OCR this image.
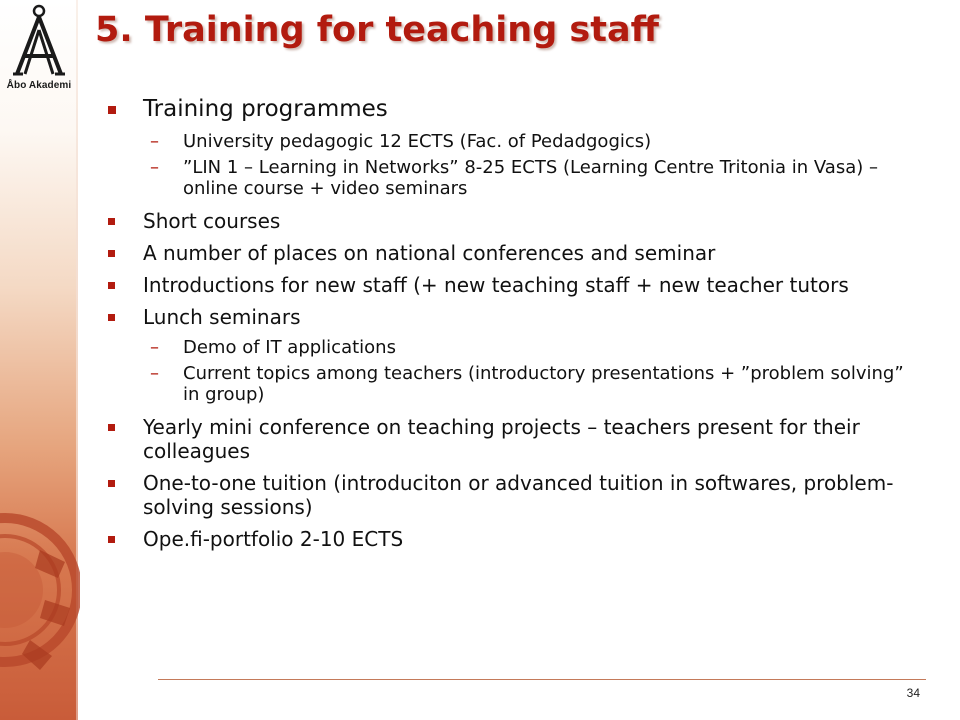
Åbo Akademi
5. Training for teaching staff
Training programmes
– University pedagogic 12 ECTS (Fac. of Pedadgogics)
– ”LIN 1 – Learning in Networks” 8-25 ECTS (Learning Centre Tritonia in Vasa) – online course + video seminars
Short courses
A number of places on national conferences and seminar
Introductions for new staff (+ new teaching staff + new teacher tutors
Lunch seminars
– Demo of IT applications
– Current topics among teachers (introductory presentations + ”problem solving” in group)
Yearly mini conference on teaching projects – teachers present for their colleagues
One-to-one tuition (introduciton or advanced tuition in softwares, problem-solving sessions)
Ope.fi-portfolio 2-10 ECTS
34
